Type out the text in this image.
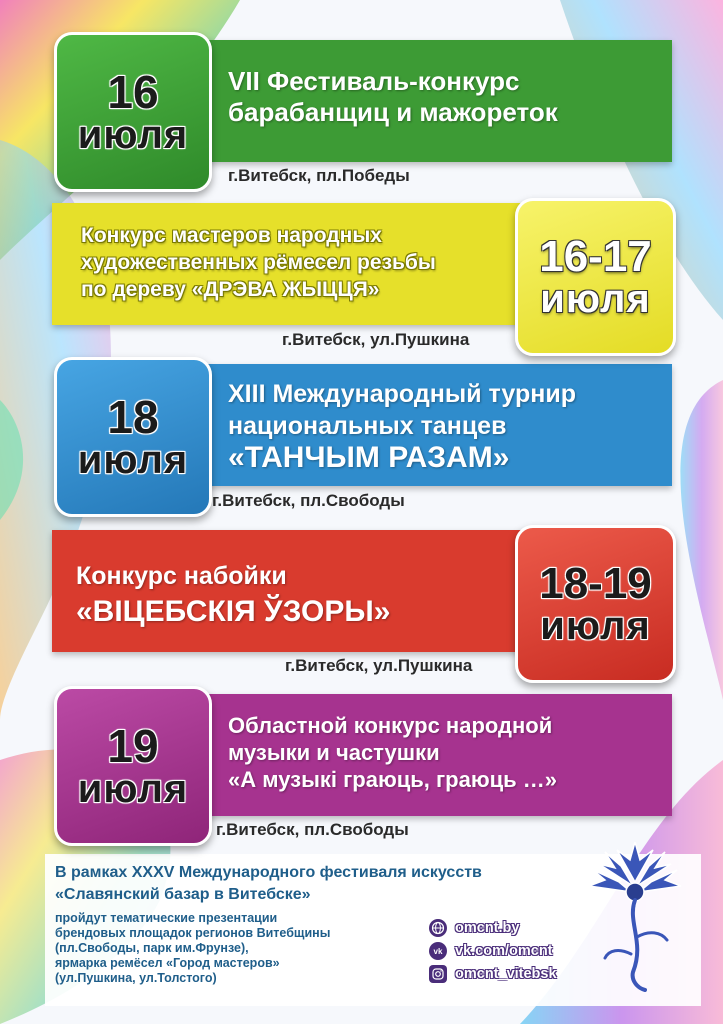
16
июля
VII Фестиваль-конкурс
барабанщиц и мажореток
г.Витебск, пл.Победы
16-17
июля
Конкурс мастеров народных
художественных рёмесел резьбы
по дереву «ДРЭВА ЖЫЦЦЯ»
г.Витебск, ул.Пушкина
18
июля
XIII Международный турнир
национальных танцев
«ТАНЧЫМ РАЗАМ»
г.Витебск, пл.Свободы
18-19
июля
Конкурс набойки
«ВІЦЕБСКІЯ ЎЗОРЫ»
г.Витебск, ул.Пушкина
19
июля
Областной конкурс народной
музыки и частушки
«А музыкі граюць, граюць …»
г.Витебск, пл.Свободы
В рамках XXXV Международного фестиваля искусств
«Славянский базар в Витебске»
пройдут тематические презентации
брендовых площадок регионов Витебщины
(пл.Свободы, парк им.Фрунзе),
ярмарка ремёсел «Город мастеров»
(ул.Пушкина, ул.Толстого)
omcnt.by
vk vk.com/omcnt
omcnt_vitebsk
